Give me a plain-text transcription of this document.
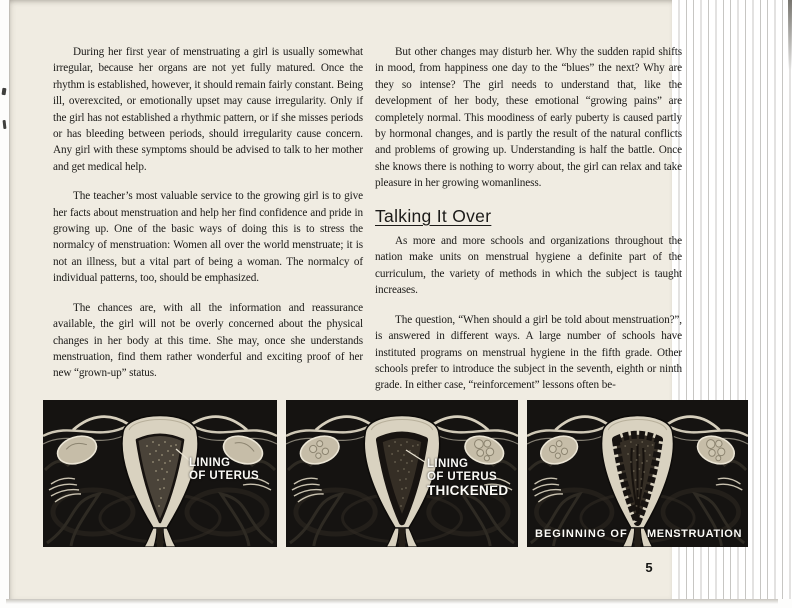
During her first year of menstruating a girl is usually somewhat irregular, because her organs are not yet fully matured. Once the rhythm is established, however, it should remain fairly constant. Being ill, overexcited, or emotionally upset may cause irregularity. Only if the girl has not established a rhythmic pattern, or if she misses periods or has bleeding between periods, should irregularity cause concern. Any girl with these symptoms should be advised to talk to her mother and get medical help.

The teacher’s most valuable service to the growing girl is to give her facts about menstruation and help her find confidence and pride in growing up. One of the basic ways of doing this is to stress the normalcy of menstruation: Women all over the world menstruate; it is not an illness, but a vital part of being a woman. The normalcy of individual patterns, too, should be emphasized.

The chances are, with all the information and reassurance available, the girl will not be overly concerned about the physical changes in her body at this time. She may, once she understands menstruation, find them rather wonderful and exciting proof of her new “grown-up” status.

But other changes may disturb her. Why the sudden rapid shifts in mood, from happiness one day to the “blues” the next? Why are they so intense? The girl needs to understand that, like the development of her body, these emotional “growing pains” are completely normal. This moodiness of early puberty is caused partly by hormonal changes, and is partly the result of the natural conflicts and problems of growing up. Understanding is half the battle. Once she knows there is nothing to worry about, the girl can relax and take pleasure in her growing womanliness.

Talking It Over

As more and more schools and organizations throughout the nation make units on menstrual hygiene a definite part of the curriculum, the variety of methods in which the subject is taught increases.

The question, “When should a girl be told about menstruation?”, is answered in different ways. A large number of schools have instituted programs on menstrual hygiene in the fifth grade. Other schools prefer to introduce the subject in the seventh, eighth or ninth grade. In either case, “reinforcement” lessons often be-

5
LINING
OF UTERUS
LINING
OF UTERUS
THICKENED
BEGINNING OF MENSTRUATION
